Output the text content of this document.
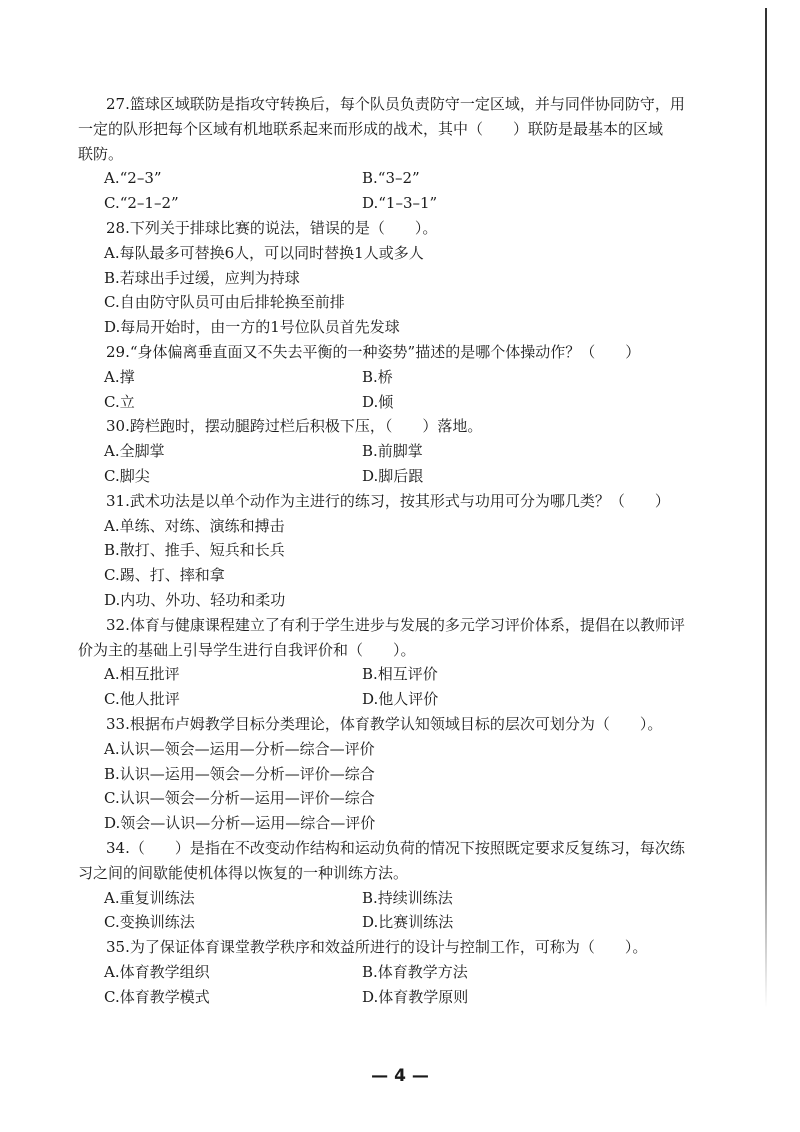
27.篮球区域联防是指攻守转换后，每个队员负责防守一定区域，并与同伴协同防守，用
一定的队形把每个区域有机地联系起来而形成的战术，其中（　　）联防是最基本的区域
联防。
A.“2–3”	B.“3–2”
C.“2–1–2”	D.“1–3–1”
28.下列关于排球比赛的说法，错误的是（　　）。
A.每队最多可替换6人，可以同时替换1人或多人
B.若球出手过缓，应判为持球
C.自由防守队员可由后排轮换至前排
D.每局开始时，由一方的1号位队员首先发球
29.“身体偏离垂直面又不失去平衡的一种姿势”描述的是哪个体操动作？（　　）
A.撑	B.桥
C.立	D.倾
30.跨栏跑时，摆动腿跨过栏后积极下压，（　　）落地。
A.全脚掌	B.前脚掌
C.脚尖	D.脚后跟
31.武术功法是以单个动作为主进行的练习，按其形式与功用可分为哪几类？（　　）
A.单练、对练、演练和搏击
B.散打、推手、短兵和长兵
C.踢、打、摔和拿
D.内功、外功、轻功和柔功
32.体育与健康课程建立了有利于学生进步与发展的多元学习评价体系，提倡在以教师评
价为主的基础上引导学生进行自我评价和（　　）。
A.相互批评	B.相互评价
C.他人批评	D.他人评价
33.根据布卢姆教学目标分类理论，体育教学认知领域目标的层次可划分为（　　）。
A.认识—领会—运用—分析—综合—评价
B.认识—运用—领会—分析—评价—综合
C.认识—领会—分析—运用—评价—综合
D.领会—认识—分析—运用—综合—评价
34.（　　）是指在不改变动作结构和运动负荷的情况下按照既定要求反复练习，每次练
习之间的间歇能使机体得以恢复的一种训练方法。
A.重复训练法	B.持续训练法
C.变换训练法	D.比赛训练法
35.为了保证体育课堂教学秩序和效益所进行的设计与控制工作，可称为（　　）。
A.体育教学组织	B.体育教学方法
C.体育教学模式	D.体育教学原则
— 4 —
